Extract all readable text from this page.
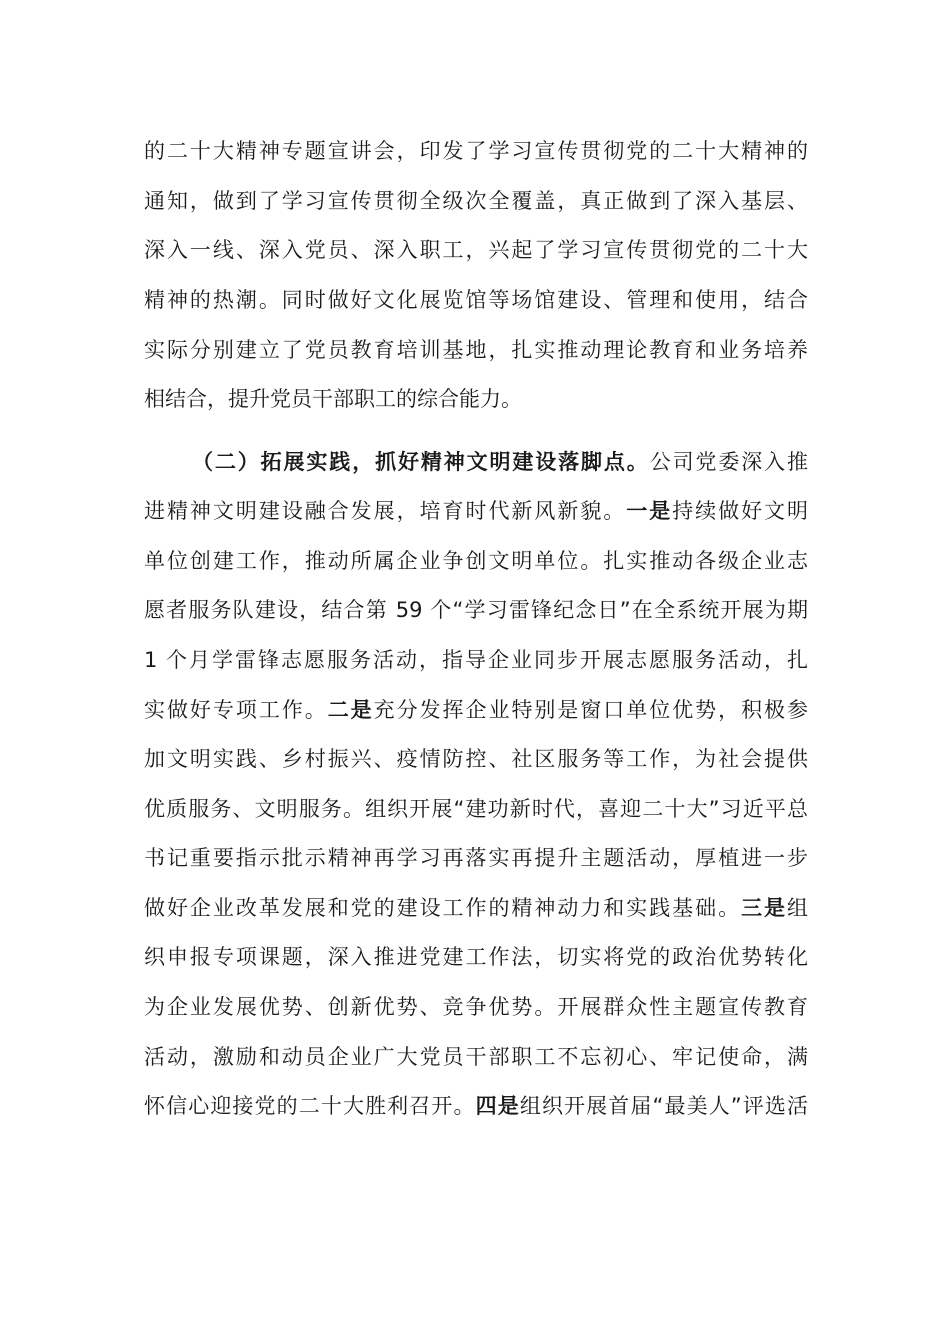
的二十大精神专题宣讲会，印发了学习宣传贯彻党的二十大精神的
通知，做到了学习宣传贯彻全级次全覆盖，真正做到了深入基层、
深入一线、深入党员、深入职工，兴起了学习宣传贯彻党的二十大
精神的热潮。同时做好文化展览馆等场馆建设、管理和使用，结合
实际分别建立了党员教育培训基地，扎实推动理论教育和业务培养
相结合，提升党员干部职工的综合能力。
（二）拓展实践，抓好精神文明建设落脚点。公司党委深入推
进精神文明建设融合发展，培育时代新风新貌。一是持续做好文明
单位创建工作，推动所属企业争创文明单位。扎实推动各级企业志
愿者服务队建设，结合第 59 个“学习雷锋纪念日”在全系统开展为期
1 个月学雷锋志愿服务活动，指导企业同步开展志愿服务活动，扎
实做好专项工作。二是充分发挥企业特别是窗口单位优势，积极参
加文明实践、乡村振兴、疫情防控、社区服务等工作，为社会提供
优质服务、文明服务。组织开展“建功新时代，喜迎二十大”习近平总
书记重要指示批示精神再学习再落实再提升主题活动，厚植进一步
做好企业改革发展和党的建设工作的精神动力和实践基础。三是组
织申报专项课题，深入推进党建工作法，切实将党的政治优势转化
为企业发展优势、创新优势、竞争优势。开展群众性主题宣传教育
活动，激励和动员企业广大党员干部职工不忘初心、牢记使命，满
怀信心迎接党的二十大胜利召开。四是组织开展首届“最美人”评选活
